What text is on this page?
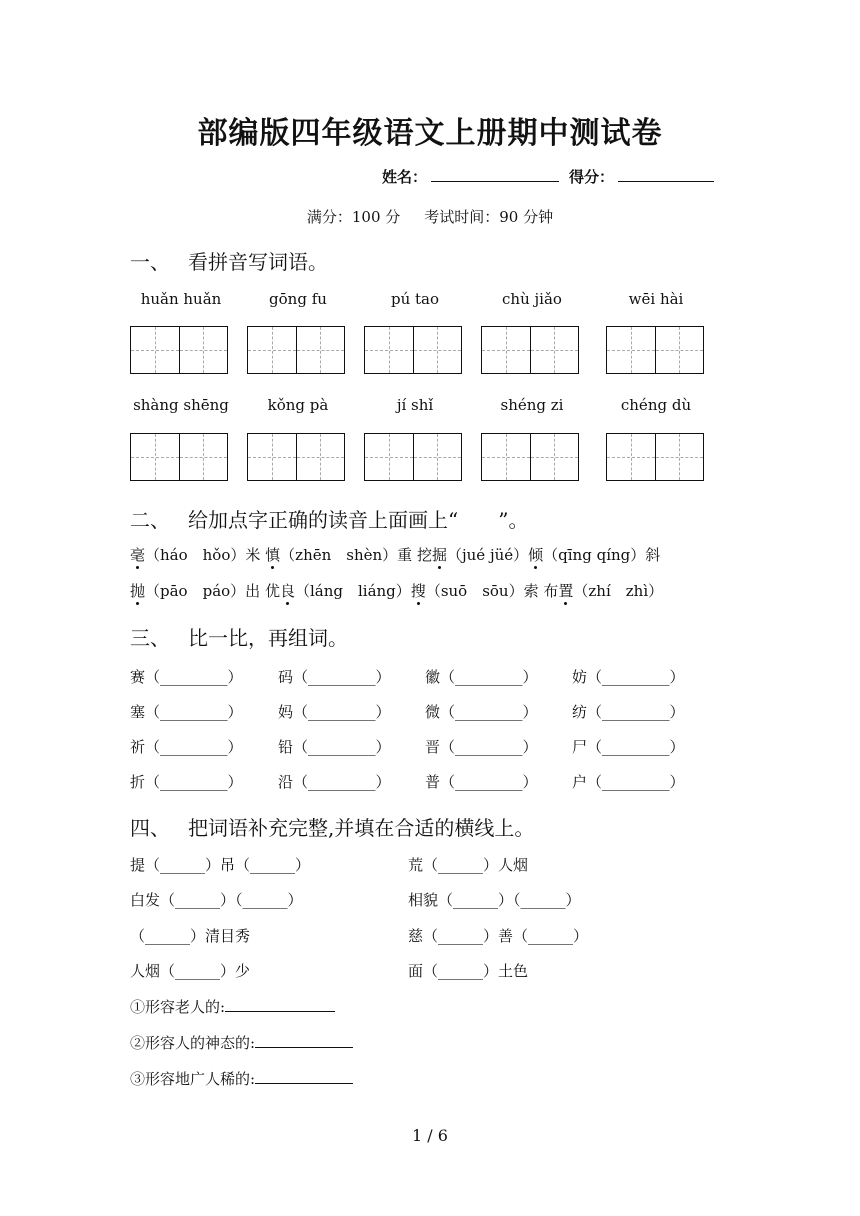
部编版四年级语文上册期中测试卷
姓名：	得分：
满分：100 分 考试时间：90 分钟
一、 看拼音写词语。
huǎn huǎn	gōng fu	pú tao	chù jiǎo	wēi hài
shàng shēng	kǒng pà	jí shǐ	shéng zi	chéng dù
二、 给加点字正确的读音上面画上“　　”。
毫（háo　hǒo）米 慎（zhēn　shèn）重 挖掘（jué jüé）倾（qīng qíng）斜
抛（pāo　páo）出 优良（láng　liáng）搜（suō　sōu）索 布置（zhí　zhì）
三、 比一比，再组词。
赛（_________） 码（_________） 徽（_________） 妨（_________）
塞（_________） 妈（_________） 微（_________） 纺（_________）
祈（_________） 铅（_________） 晋（_________） 尸（_________）
折（_________） 沿（_________） 普（_________） 户（_________）
四、 把词语补充完整,并填在合适的横线上。
提（______）吊（______）	荒（______）人烟
白发（______）（______）	相貌（______）（______）
（______）清目秀	慈（______）善（______）
人烟（______）少	面（______）土色
①形容老人的:
②形容人的神态的:
③形容地广人稀的:
1 / 6
